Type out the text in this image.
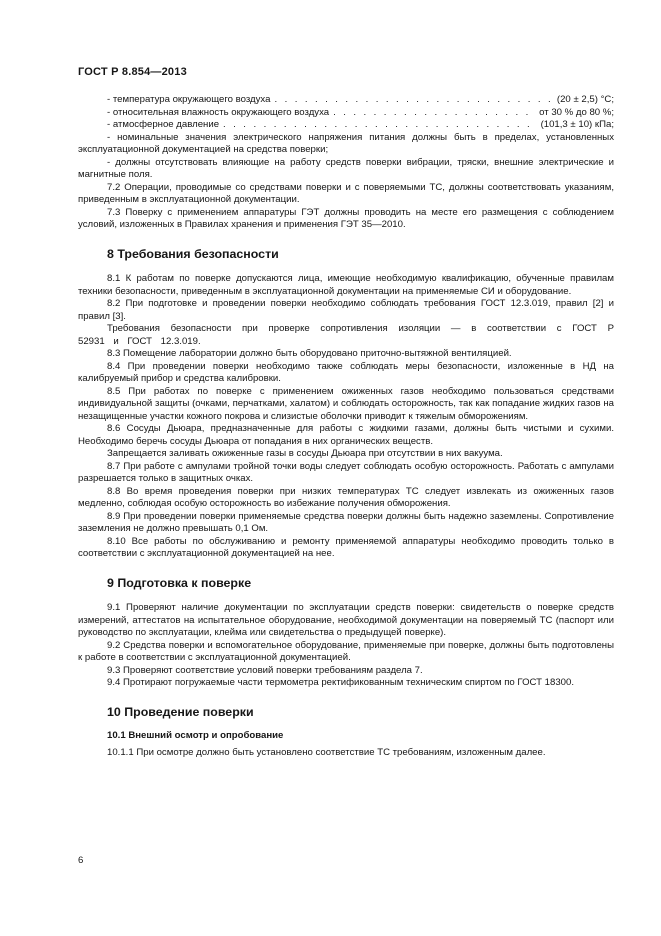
ГОСТ Р 8.854—2013
- температура окружающего воздуха . . .	(20 ± 2,5) °С;
- относительная влажность окружающего воздуха . . .	от 30 % до 80 %;
- атмосферное давление . . .	(101,3 ± 10) кПа;

- номинальные значения электрического напряжения питания должны быть в пределах, установленных эксплуатационной документацией на средства поверки;

- должны отсутствовать влияющие на работу средств поверки вибрации, тряски, внешние электрические и магнитные поля.

7.2 Операции, проводимые со средствами поверки и с поверяемыми ТС, должны соответствовать указаниям, приведенным в эксплуатационной документации.

7.3 Поверку с применением аппаратуры ГЭТ должны проводить на месте его размещения с соблюдением условий, изложенных в Правилах хранения и применения ГЭТ 35—2010.

8 Требования безопасности

8.1 К работам по поверке допускаются лица, имеющие необходимую квалификацию, обученные правилам техники безопасности, приведенным в эксплуатационной документации на применяемые СИ и оборудование.

8.2 При подготовке и проведении поверки необходимо соблюдать требования ГОСТ 12.3.019, правил [2] и правил [3].

Требования безопасности при проверке сопротивления изоляции — в соответствии с ГОСТ Р 52931 и ГОСТ 12.3.019.

8.3 Помещение лаборатории должно быть оборудовано приточно-вытяжной вентиляцией.

8.4 При проведении поверки необходимо также соблюдать меры безопасности, изложенные в НД на калибруемый прибор и средства калибровки.

8.5 При работах по поверке с применением ожиженных газов необходимо пользоваться средствами индивидуальной защиты (очками, перчатками, халатом) и соблюдать осторожность, так как попадание жидких газов на незащищенные участки кожного покрова и слизистые оболочки приводит к тяжелым обморожениям.

8.6 Сосуды Дьюара, предназначенные для работы с жидкими газами, должны быть чистыми и сухими. Необходимо беречь сосуды Дьюара от попадания в них органических веществ.

Запрещается заливать ожиженные газы в сосуды Дьюара при отсутствии в них вакуума.

8.7 При работе с ампулами тройной точки воды следует соблюдать особую осторожность. Работать с ампулами разрешается только в защитных очках.

8.8 Во время проведения поверки при низких температурах ТС следует извлекать из ожиженных газов медленно, соблюдая особую осторожность во избежание получения обморожения.

8.9 При проведении поверки применяемые средства поверки должны быть надежно заземлены. Сопротивление заземления не должно превышать 0,1 Ом.

8.10 Все работы по обслуживанию и ремонту применяемой аппаратуры необходимо проводить только в соответствии с эксплуатационной документацией на нее.

9 Подготовка к поверке

9.1 Проверяют наличие документации по эксплуатации средств поверки: свидетельств о поверке средств измерений, аттестатов на испытательное оборудование, необходимой документации на поверяемый ТС (паспорт или руководство по эксплуатации, клейма или свидетельства о предыдущей поверке).

9.2 Средства поверки и вспомогательное оборудование, применяемые при поверке, должны быть подготовлены к работе в соответствии с эксплуатационной документацией.

9.3 Проверяют соответствие условий поверки требованиям раздела 7.

9.4 Протирают погружаемые части термометра ректификованным техническим спиртом по ГОСТ 18300.

10 Проведение поверки
10.1 Внешний осмотр и опробование

10.1.1 При осмотре должно быть установлено соответствие ТС требованиям, изложенным далее.

6
